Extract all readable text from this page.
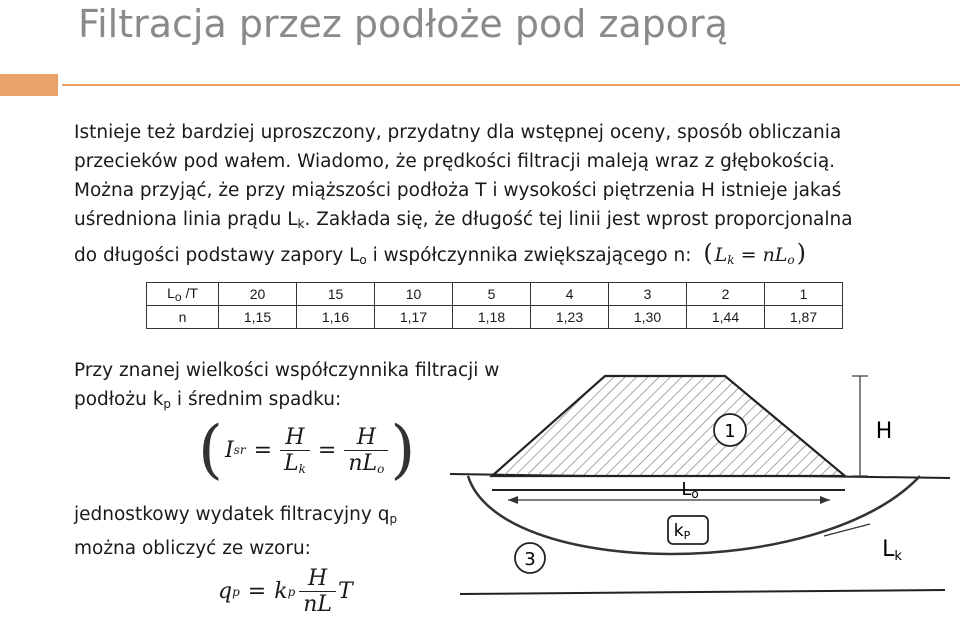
Filtracja przez podłoże pod zaporą
Istnieje też bardziej uproszczony, przydatny dla wstępnej oceny, sposób obliczania
przecieków pod wałem. Wiadomo, że prędkości filtracji maleją wraz z głębokością.
Można przyjąć, że przy miąższości podłoża T i wysokości piętrzenia H istnieje jakaś
uśredniona linia prądu $L_k$. Zakłada się, że długość tej linii jest wprost proporcjonalna
do długości podstawy zapory $L_o$ i współczynnika zwiększającego n: (  $L_k = nL_o$ )
$L_o$ /T	20	15	10	5	4	3	2	1
n	1,15	1,16	1,17	1,18	1,23	1,30	1,44	1,87
Przy znanej wielkości współczynnika filtracji w
podłożu $k_p$ i średnim spadku:
( I sr = $\frac{H}{L_k} = \frac{H}{nL_o}$ )
jednostkowy wydatek filtracyjny $q_p$
można obliczyć ze wzoru:
q p = k p $\frac{H}{nL}$ T
1	H
Lo
kP
3	Lk
